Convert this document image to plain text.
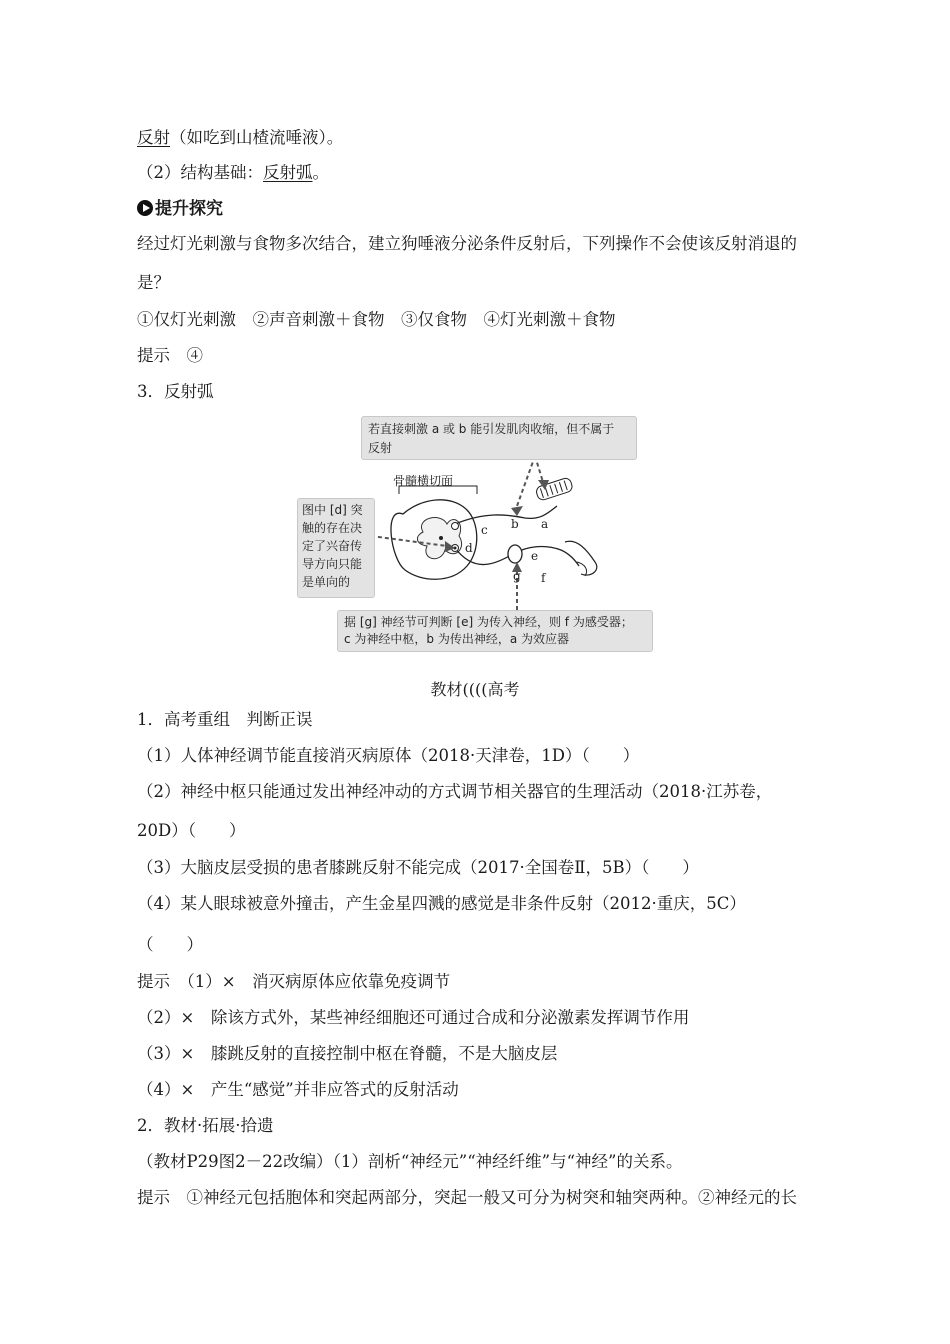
反射（如吃到山楂流唾液）。
（2）结构基础：反射弧。
提升探究
经过灯光刺激与食物多次结合，建立狗唾液分泌条件反射后，下列操作不会使该反射消退的
是？
①仅灯光刺激　②声音刺激＋食物　③仅食物　④灯光刺激＋食物
提示　④
3．反射弧
c
d
b a
e
f
g
若直接刺激 a 或 b 能引发肌肉收缩，但不属于
反射
骨髓横切面
图中 [d] 突
触的存在决
定了兴奋传
导方向只能
是单向的
据 [g] 神经节可判断 [e] 为传入神经，则 f 为感受器；
c 为神经中枢，b 为传出神经，a 为效应器
教材((((高考
1．高考重组　判断正误
（1）人体神经调节能直接消灭病原体（2018·天津卷，1D）（　　）
（2）神经中枢只能通过发出神经冲动的方式调节相关器官的生理活动（2018·江苏卷，
20D）（　　）
（3）大脑皮层受损的患者膝跳反射不能完成（2017·全国卷Ⅱ，5B）（　　）
（4）某人眼球被意外撞击，产生金星四溅的感觉是非条件反射（2012·重庆，5C）
（　　）
提示　（1）×　消灭病原体应依靠免疫调节
（2）×　除该方式外，某些神经细胞还可通过合成和分泌激素发挥调节作用
（3）×　膝跳反射的直接控制中枢在脊髓，不是大脑皮层
（4）×　产生“感觉”并非应答式的反射活动
2．教材·拓展·拾遗
（教材P29图2－22改编）（1）剖析“神经元”“神经纤维”与“神经”的关系。
提示　①神经元包括胞体和突起两部分，突起一般又可分为树突和轴突两种。②神经元的长
